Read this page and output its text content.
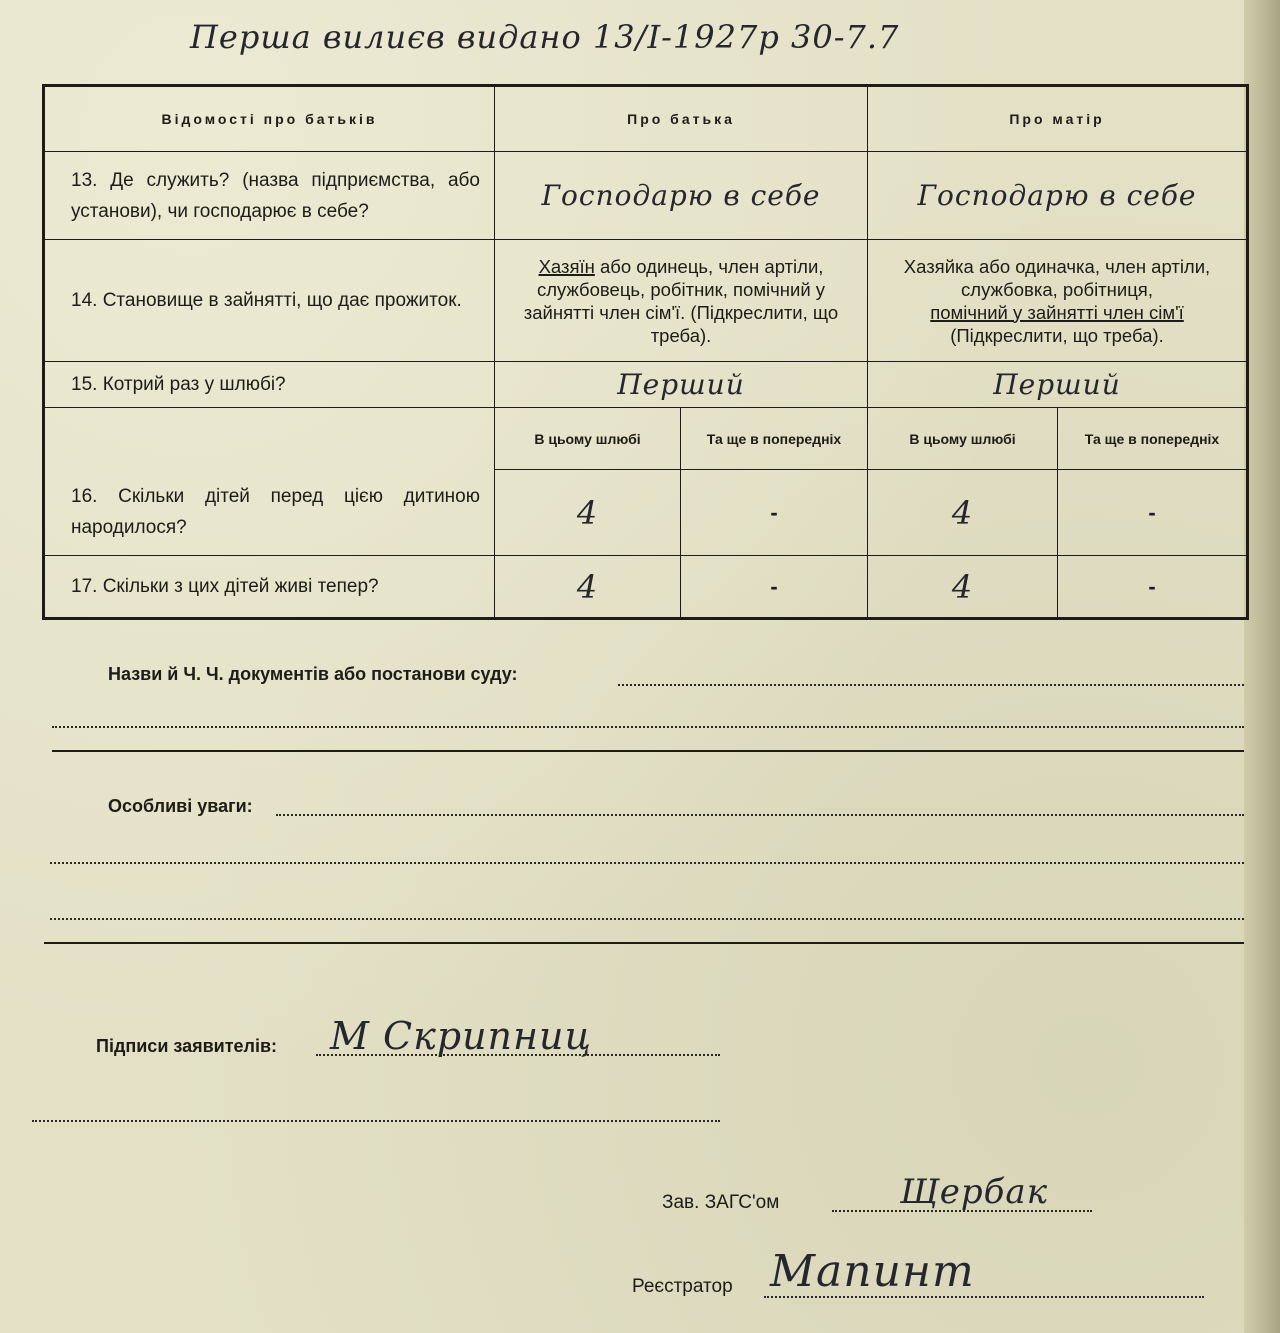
Перша вилиєв видано 13/І-1927р 30-7.7
Відомості про батьків	Про батька		Про матір	
13. Де служить? (назва підприємства, або установи), чи господарює в себе?	Господарю в себе		Господарю в себе	
14. Становище в зайнятті, що дає прожиток.	Хазяїн або одинець, член артіли, службовець, робітник, помічний у зайнятті член сім'ї. (Підкреслити, що треба).		Хазяйка або одиначка, член артіли, службовка, робітниця,
помічний у зайнятті член сім'ї
(Підкреслити, що треба).	
15. Котрий раз у шлюбі?	Перший		Перший	
16. Скільки дітей перед цією дитиною народилося?	В цьому шлюбі	Та ще в попередніх	В цьому шлюбі	Та ще в попередніх
	4	-	4	-
17. Скільки з цих дітей живі тепер?	4	-	4	-
Назви й Ч. Ч. документів або постанови суду:
Особливі уваги:
Підписи заявителів: М Скрипниц
Зав. ЗАГС'ом	Щербак
Реєстратор Мапинт
